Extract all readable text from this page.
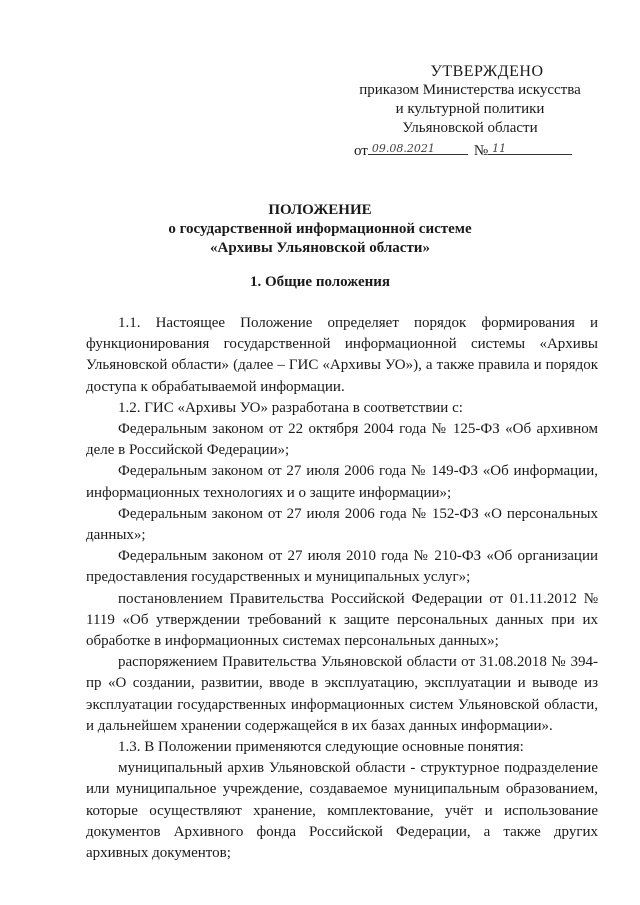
УТВЕРЖДЕНО
приказом Министерства искусства
и культурной политики
Ульяновской области
от 09.08.2021	№ 11
ПОЛОЖЕНИЕ
о государственной информационной системе
«Архивы Ульяновской области»
1. Общие положения

1.1. Настоящее Положение определяет порядок формирования и функционирования государственной информационной системы «Архивы Ульяновской области» (далее – ГИС «Архивы УО»), а также правила и порядок доступа к обрабатываемой информации.

1.2. ГИС «Архивы УО» разработана в соответствии с:

Федеральным законом от 22 октября 2004 года № 125-ФЗ «Об архивном деле в Российской Федерации»;

Федеральным законом от 27 июля 2006 года № 149-ФЗ «Об информации, информационных технологиях и о защите информации»;

Федеральным законом от 27 июля 2006 года № 152-ФЗ «О персональных данных»;

Федеральным законом от 27 июля 2010 года № 210-ФЗ «Об организации предоставления государственных и муниципальных услуг»;

постановлением Правительства Российской Федерации от 01.11.2012 № 1119 «Об утверждении требований к защите персональных данных при их обработке в информационных системах персональных данных»;

распоряжением Правительства Ульяновской области от 31.08.2018 № 394-пр «О создании, развитии, вводе в эксплуатацию, эксплуатации и выводе из эксплуатации государственных информационных систем Ульяновской области, и дальнейшем хранении содержащейся в их базах данных информации».

1.3. В Положении применяются следующие основные понятия:

муниципальный архив Ульяновской области - структурное подразделение или муниципальное учреждение, создаваемое муниципальным образованием, которые осуществляют хранение, комплектование, учёт и использование документов Архивного фонда Российской Федерации, а также других архивных документов;
